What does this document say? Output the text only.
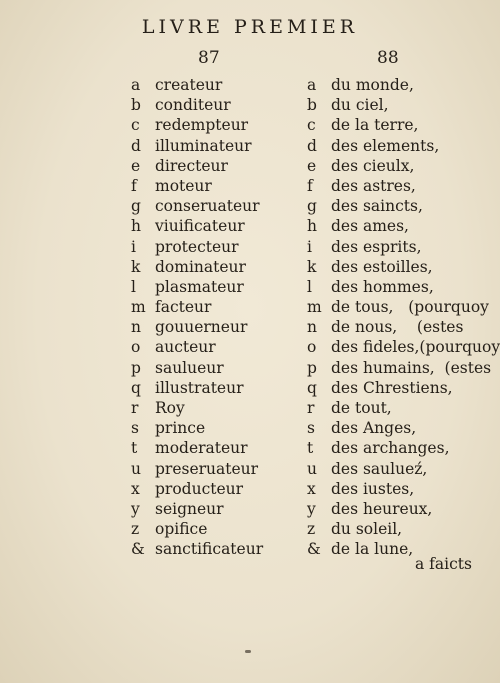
LIVRE PREMIER
87	88
a createur
b conditeur
c redempteur
d illuminateur
e directeur
f moteur
g conseruateur
h viuificateur
i protecteur
k dominateur
l plasmateur
m facteur
n gouuerneur
o aucteur
p saulueur
q illustrateur
r Roy
s prince
t moderateur
u preseruateur
x producteur
y seigneur
z opifice
& sanctificateur
a du monde,
b du ciel,
c de la terre,
d des elements,
e des cieulx,
f des astres,
g des saincts,
h des ames,
i des esprits,
k des estoilles,
l des hommes,
m de tous,   (pourquoy
n de nous,    (estes
o des fideles,(pourquoy
p des humains,  (estes
q des Chrestiens,
r de tout,
s des Anges,
t des archanges,
u des saulueź,
x des iustes,
y des heureux,
z du soleil,
& de la lune,
a faicts
